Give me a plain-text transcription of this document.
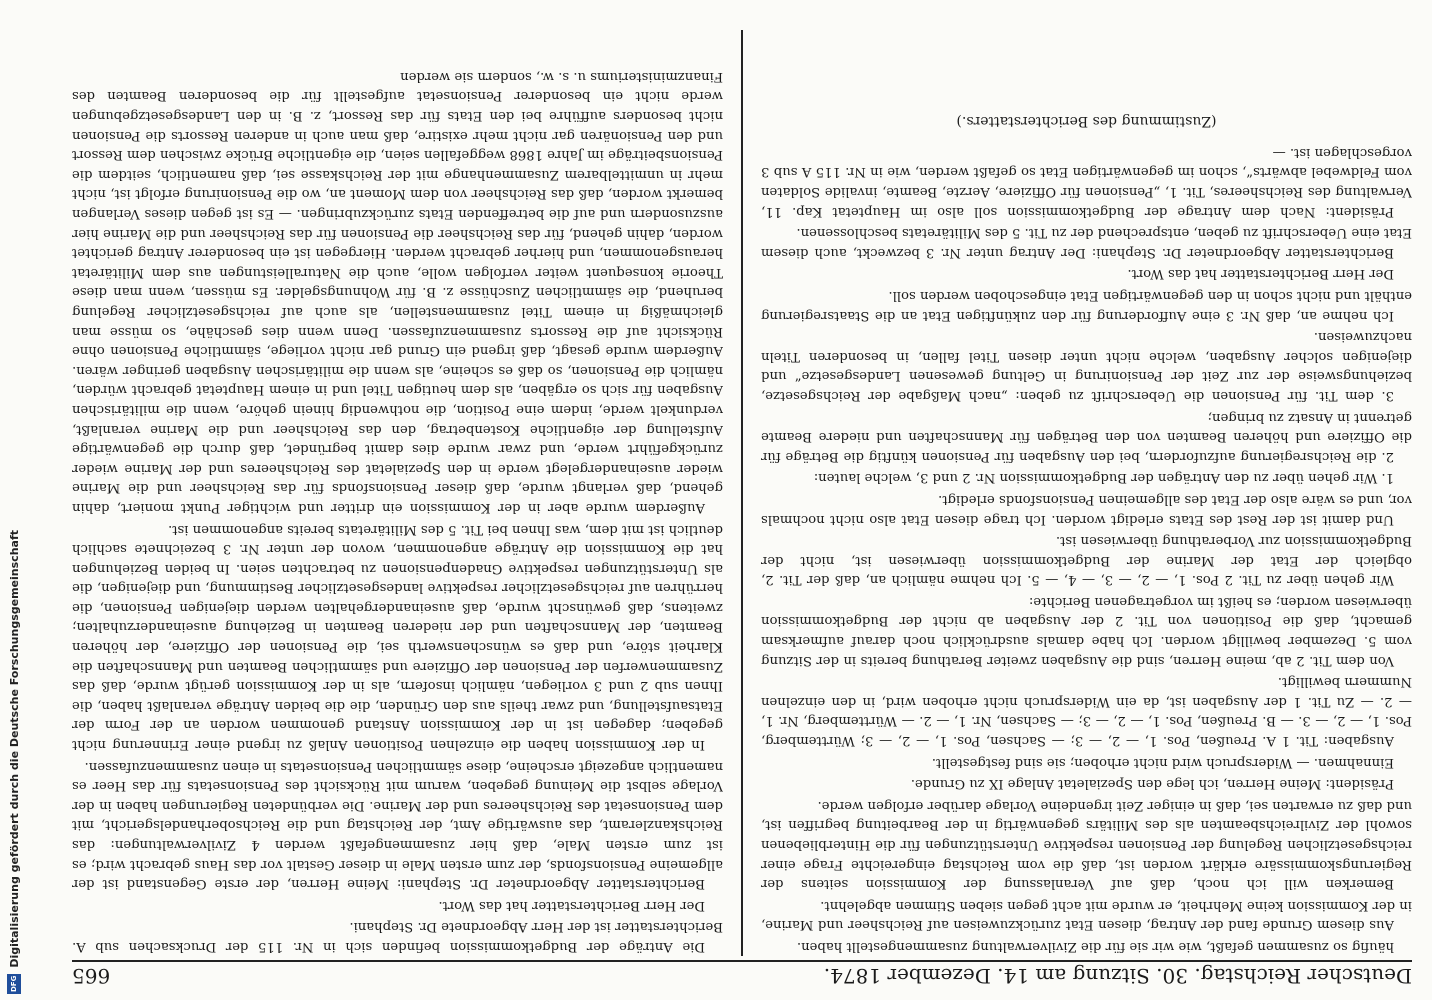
Deutscher Reichstag. 30. Sitzung am 14. Dezember 1874.
665

häufig so zusammen gefaßt, wie wir sie für die Zivilverwaltung zusammengestellt haben.

Aus diesem Grunde fand der Antrag, diesen Etat zurückzuweisen auf Reichsheer und Marine, in der Kommission keine Mehrheit, er wurde mit acht gegen sieben Stimmen abgelehnt.

Bemerken will ich noch, daß auf Veranlassung der Kommission seitens der Regierungskommissäre erklärt worden ist, daß die vom Reichstag eingereichte Frage einer reichsgesetzlichen Regelung der Pensionen respektive Unterstützungen für die Hinterbliebenen sowohl der Zivilreichsbeamten als des Militärs gegenwärtig in der Bearbeitung begriffen ist, und daß zu erwarten sei, daß in einiger Zeit irgendeine Vorlage darüber erfolgen werde.

Präsident: Meine Herren, ich lege den Spezialetat Anlage IX zu Grunde.

Einnahmen. — Widerspruch wird nicht erhoben; sie sind festgestellt.

Ausgaben: Tit. 1 A. Preußen, Pos. 1, — 2, — 3; — Sachsen, Pos. 1, — 2, — 3; Württemberg, Pos. 1, — 2, — 3. — B. Preußen, Pos. 1, — 2, — 3; — Sachsen, Nr. 1, — 2. — Württemberg, Nr. 1, — 2. — Zu Tit. 1 der Ausgaben ist, da ein Widerspruch nicht erhoben wird, in den einzelnen Nummern bewilligt.

Von dem Tit. 2 ab, meine Herren, sind die Ausgaben zweiter Berathung bereits in der Sitzung vom 5. Dezember bewilligt worden. Ich habe damals ausdrücklich noch darauf aufmerksam gemacht, daß die Positionen von Tit. 2 der Ausgaben ab nicht der Budgetkommission überwiesen worden; es heißt im vorgetragenen Berichte:

Wir gehen über zu Tit. 2 Pos. 1, — 2, — 3, — 4, — 5. Ich nehme nämlich an, daß der Tit. 2, obgleich der Etat der Marine der Budgetkommission überwiesen ist, nicht der Budgetkommission zur Vorberathung überwiesen ist.

Und damit ist der Rest des Etats erledigt worden. Ich trage diesen Etat also nicht nochmals vor, und es wäre also der Etat des allgemeinen Pensionsfonds erledigt.

1. Wir gehen über zu den Anträgen der Budgetkommission Nr. 2 und 3, welche lauten:

2. die Reichsregierung aufzufordern, bei den Ausgaben für Pensionen künftig die Beträge für die Offiziere und höheren Beamten von den Beträgen für Mannschaften und niedere Beamte getrennt in Ansatz zu bringen;

3. dem Tit. für Pensionen die Ueberschrift zu geben: „nach Maßgabe der Reichsgesetze, beziehungsweise der zur Zeit der Pensionirung in Geltung gewesenen Landesgesetze“ und diejenigen solcher Ausgaben, welche nicht unter diesen Titel fallen, in besonderen Titeln nachzuweisen.

Ich nehme an, daß Nr. 3 eine Aufforderung für den zukünftigen Etat an die Staatsregierung enthält und nicht schon in den gegenwärtigen Etat eingeschoben werden soll.

Der Herr Berichterstatter hat das Wort.

Berichterstatter Abgeordneter Dr. Stephani: Der Antrag unter Nr. 3 bezweckt, auch diesem Etat eine Ueberschrift zu geben, entsprechend der zu Tit. 5 des Militäretats beschlossenen.

Präsident: Nach dem Antrage der Budgetkommission soll also im Hauptetat Kap. 11, Verwaltung des Reichsheeres, Tit. 1, „Pensionen für Offiziere, Aerzte, Beamte, invalide Soldaten vom Feldwebel abwärts“, schon im gegenwärtigen Etat so gefaßt werden, wie in Nr. 115 A sub 3 vorgeschlagen ist. —

(Zustimmung des Berichterstatters.)

Die Anträge der Budgetkommission befinden sich in Nr. 115 der Drucksachen sub A. Berichterstatter ist der Herr Abgeordnete Dr. Stephani.

Der Herr Berichterstatter hat das Wort.

Berichterstatter Abgeordneter Dr. Stephani: Meine Herren, der erste Gegenstand ist der allgemeine Pensionsfonds, der zum ersten Male in dieser Gestalt vor das Haus gebracht wird; es ist zum ersten Male, daß hier zusammengefaßt werden 4 Zivilverwaltungen: das Reichskanzleramt, das auswärtige Amt, der Reichstag und die Reichsoberhandelsgericht, mit dem Pensionsetat des Reichsheeres und der Marine. Die verbündeten Regierungen haben in der Vorlage selbst die Meinung gegeben, warum mit Rücksicht des Pensionsetats für das Heer es namentlich angezeigt erscheine, diese sämmtlichen Pensionsetats in einen zusammenzufassen.

In der Kommission haben die einzelnen Positionen Anlaß zu irgend einer Erinnerung nicht gegeben; dagegen ist in der Kommission Anstand genommen worden an der Form der Etatsaufstellung, und zwar theils aus den Gründen, die die beiden Anträge veranlaßt haben, die Ihnen sub 2 und 3 vorliegen, nämlich insofern, als in der Kommission gerügt wurde, daß das Zusammenwerfen der Pensionen der Offiziere und sämmtlichen Beamten und Mannschaften die Klarheit störe, und daß es wünschenswerth sei, die Pensionen der Offiziere, der höheren Beamten, der Mannschaften und der niederen Beamten in Beziehung auseinanderzuhalten; zweitens, daß gewünscht wurde, daß auseinandergehalten werden diejenigen Pensionen, die herrühren auf reichsgesetzlicher respektive landesgesetzlicher Bestimmung, und diejenigen, die als Unterstützungen respektive Gnadenpensionen zu betrachten seien. In beiden Beziehungen hat die Kommission die Anträge angenommen, wovon der unter Nr. 3 bezeichnete sachlich deutlich ist mit dem, was Ihnen bei Tit. 5 des Militäretats bereits angenommen ist.

Außerdem wurde aber in der Kommission ein dritter und wichtiger Punkt moniert, dahin gehend, daß verlangt wurde, daß dieser Pensionsfonds für das Reichsheer und die Marine wieder auseinandergelegt werde in den Spezialetat des Reichsheeres und der Marine wieder zurückgeführt werde, und zwar wurde dies damit begründet, daß durch die gegenwärtige Aufstellung der eigentliche Kostenbetrag, den das Reichsheer und die Marine veranlaßt, verdunkelt werde, indem eine Position, die nothwendig hinein gehöre, wenn die militärischen Ausgaben für sich so ergäben, als dem heutigen Titel und in einem Hauptetat gebracht würden, nämlich die Pensionen, so daß es scheine, als wenn die militärischen Ausgaben geringer wären. Außerdem wurde gesagt, daß irgend ein Grund gar nicht vorliege, sämmtliche Pensionen ohne Rücksicht auf die Ressorts zusammenzufassen. Denn wenn dies geschähe, so müsse man gleichmäßig in einem Titel zusammenstellen, als auch auf reichsgesetzlicher Regelung beruhend, die sämmtlichen Zuschüsse z. B. für Wohnungsgelder. Es müssen, wenn man diese Theorie konsequent weiter verfolgen wolle, auch die Naturalleistungen aus dem Militäretat herausgenommen, und hierher gebracht werden. Hiergegen ist ein besonderer Antrag gerichtet worden, dahin gehend, für das Reichsheer die Pensionen für das Reichsheer und die Marine hier auszusondern und auf die betreffenden Etats zurückzubringen. — Es ist gegen dieses Verlangen bemerkt worden, daß das Reichsheer von dem Moment an, wo die Pensionirung erfolgt ist, nicht mehr in unmittelbarem Zusammenhange mit der Reichskasse sei, daß namentlich, seitdem die Pensionsbeiträge im Jahre 1868 weggefallen seien, die eigentliche Brücke zwischen dem Ressort und den Pensionären gar nicht mehr existire, daß man auch in anderen Ressorts die Pensionen nicht besonders aufführe bei den Etats für das Ressort, z. B. in den Landesgesetzgebungen werde nicht ein besonderer Pensionsetat aufgestellt für die besonderen Beamten des Finanzministeriums u. s. w., sondern sie werden

Digitalisierung gefördert durch die Deutsche Forschungsgemeinschaft
DFG
